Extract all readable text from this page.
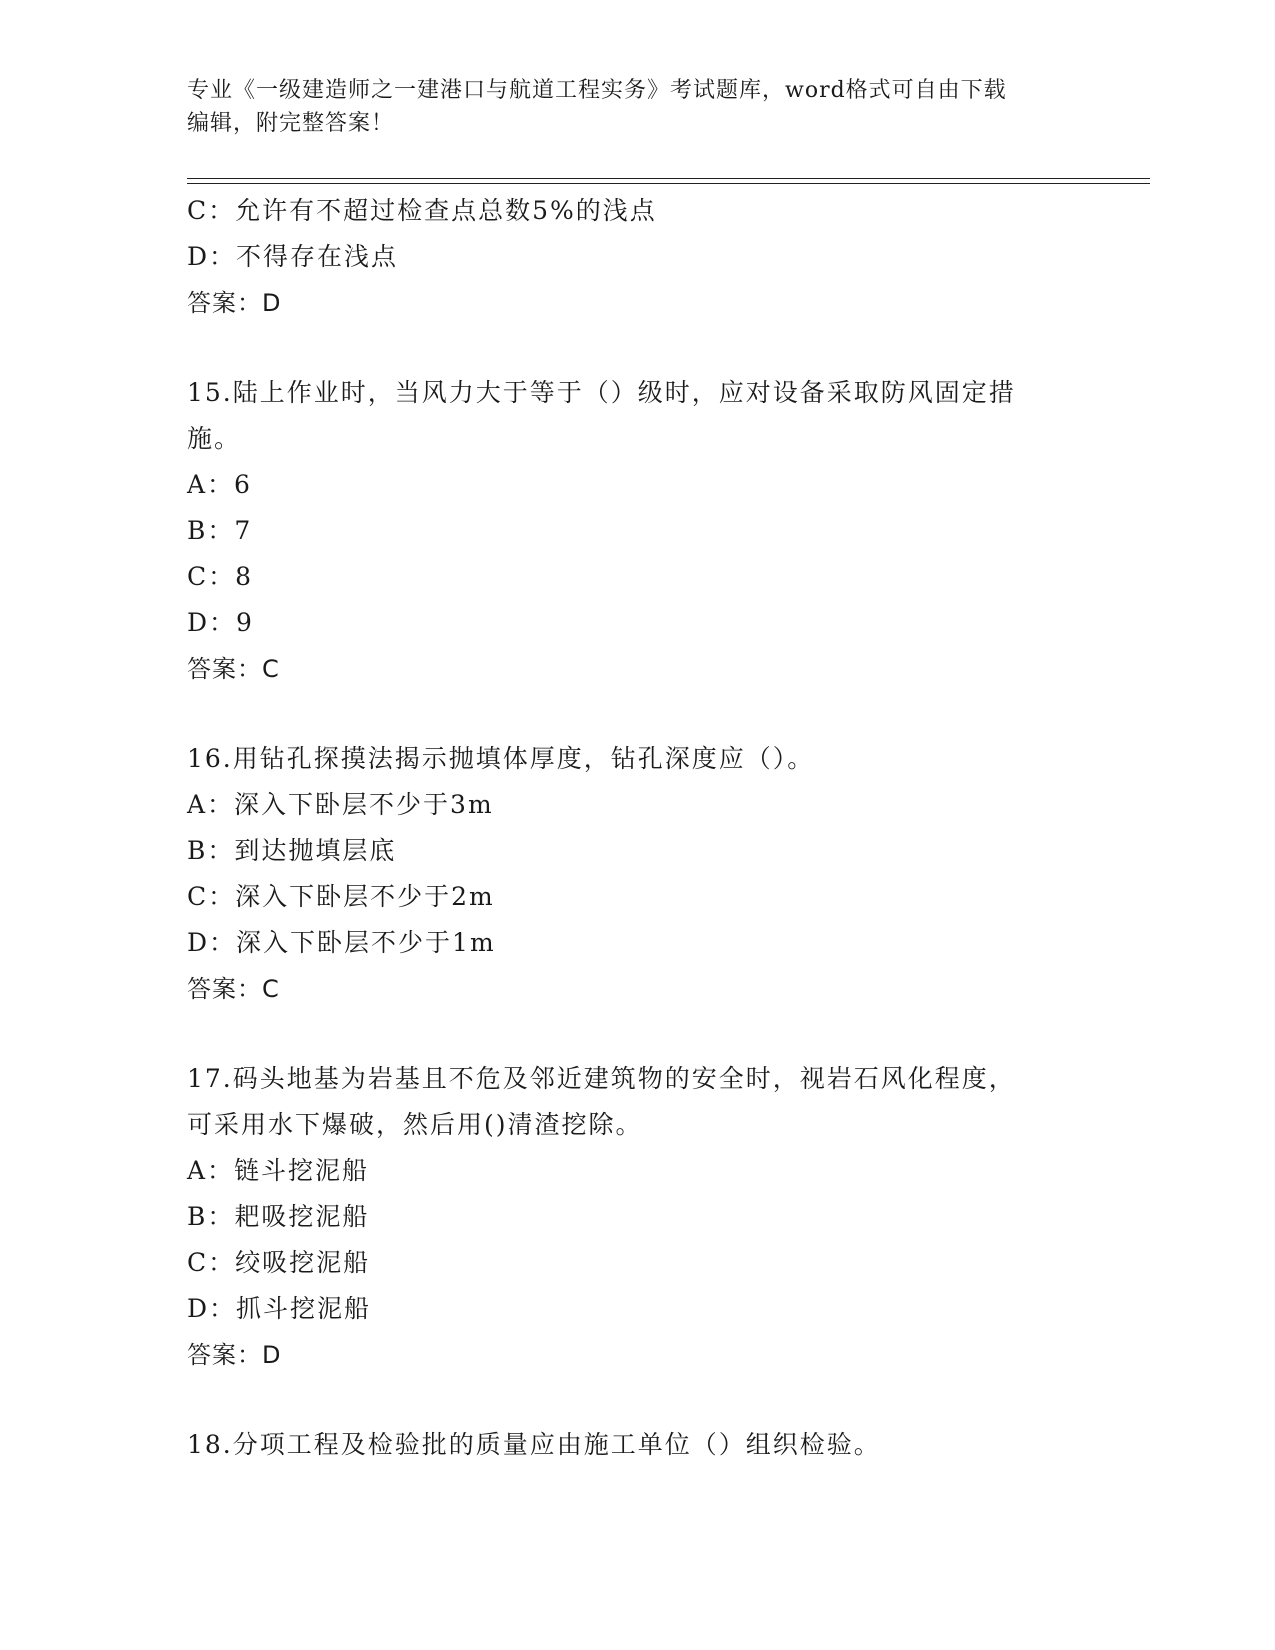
专业《一级建造师之一建港口与航道工程实务》考试题库，word格式可自由下载
编辑，附完整答案！
C：允许有不超过检查点总数5%的浅点
D：不得存在浅点
答案：D
15.陆上作业时，当风力大于等于（）级时，应对设备采取防风固定措
施。
A：6
B：7
C：8
D：9
答案：C
16.用钻孔探摸法揭示抛填体厚度，钻孔深度应（）。
A：深入下卧层不少于3m
B：到达抛填层底
C：深入下卧层不少于2m
D：深入下卧层不少于1m
答案：C
17.码头地基为岩基且不危及邻近建筑物的安全时，视岩石风化程度，
可采用水下爆破，然后用()清渣挖除。
A：链斗挖泥船
B：耙吸挖泥船
C：绞吸挖泥船
D：抓斗挖泥船
答案：D
18.分项工程及检验批的质量应由施工单位（）组织检验。
